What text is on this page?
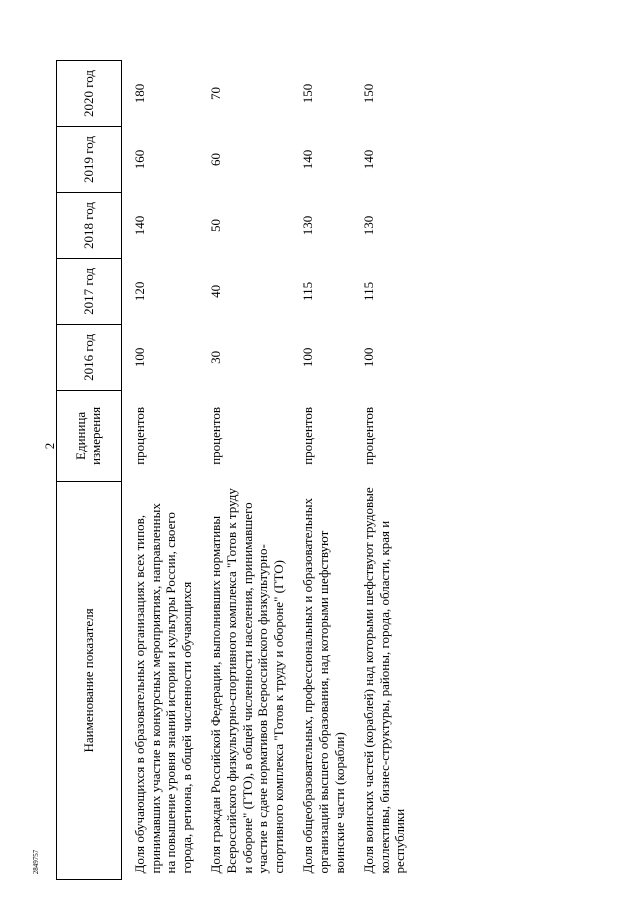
2
Наименование показателя	Единица измерения	2016 год	2017 год	2018 год	2019 год	2020 год
Доля обучающихся в образовательных организациях всех типов, принимавших участие в конкурсных мероприятиях, направленных на повышение уровня знаний истории и культуры России, своего города, региона, в общей численности обучающихся	процентов	100	120	140	160	180
Доля граждан Российской Федерации, выполнивших нормативы Всероссийского физкультурно-спортивного комплекса "Готов к труду и обороне" (ГТО), в общей численности населения, принимавшего участие в сдаче нормативов Всероссийского физкультурно-спортивного комплекса "Готов к труду и обороне" (ГТО)	процентов	30	40	50	60	70
Доля общеобразовательных, профессиональных и образовательных организаций высшего образования, над которыми шефствуют воинские части (корабли)	процентов	100	115	130	140	150
Доля воинских частей (кораблей) над которыми шефствуют трудовые коллективы, бизнес-структуры, районы, города, области, края и республики	процентов	100	115	130	140	150
2849757
